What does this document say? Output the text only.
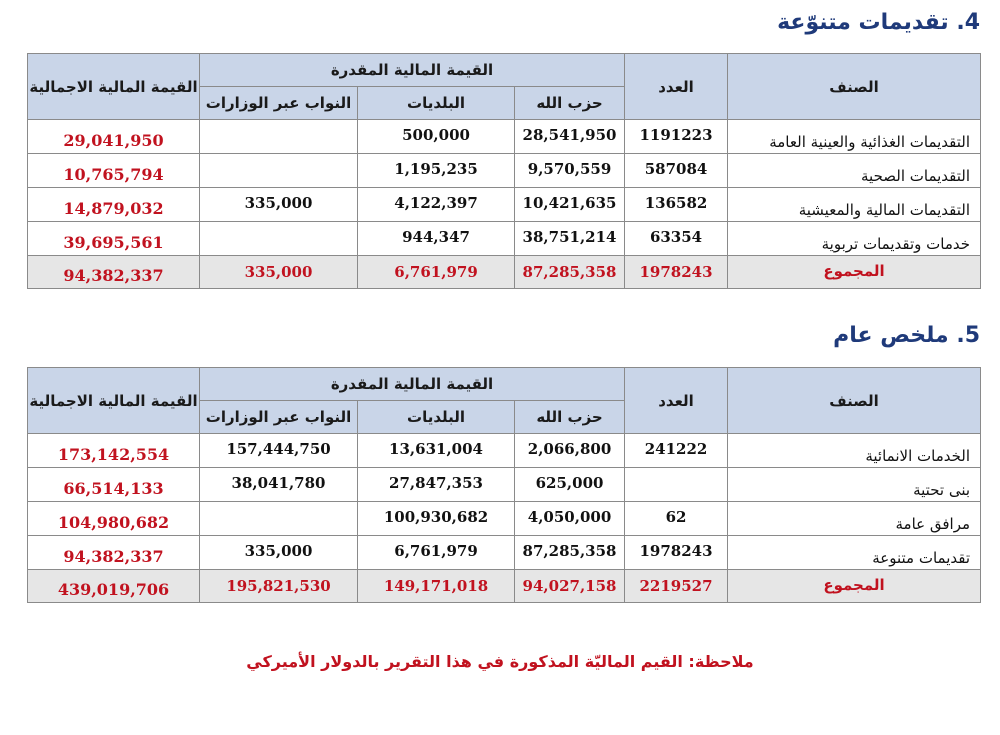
4. تقديمات متنوّعة
الصنف	العدد	القيمة المالية المقدرة			القيمة المالية الاجمالية
		حزب الله	البلديات	النواب عبر الوزارات	
التقديمات الغذائية والعينية العامة	1191223	28,541,950	500,000		29,041,950
التقديمات الصحية	587084	9,570,559	1,195,235		10,765,794
التقديمات المالية والمعيشية	136582	10,421,635	4,122,397	335,000	14,879,032
خدمات وتقديمات تربوية	63354	38,751,214	944,347		39,695,561
المجموع	1978243	87,285,358	6,761,979	335,000	94,382,337
5. ملخص عام
الصنف	العدد	القيمة المالية المقدرة			القيمة المالية الاجمالية
		حزب الله	البلديات	النواب عبر الوزارات	
الخدمات الانمائية	241222	2,066,800	13,631,004	157,444,750	173,142,554
بنى تحتية		625,000	27,847,353	38,041,780	66,514,133
مرافق عامة	62	4,050,000	100,930,682		104,980,682
تقديمات متنوعة	1978243	87,285,358	6,761,979	335,000	94,382,337
المجموع	2219527	94,027,158	149,171,018	195,821,530	439,019,706
ملاحظة: القيم الماليّة المذكورة في هذا التقرير بالدولار الأميركي
